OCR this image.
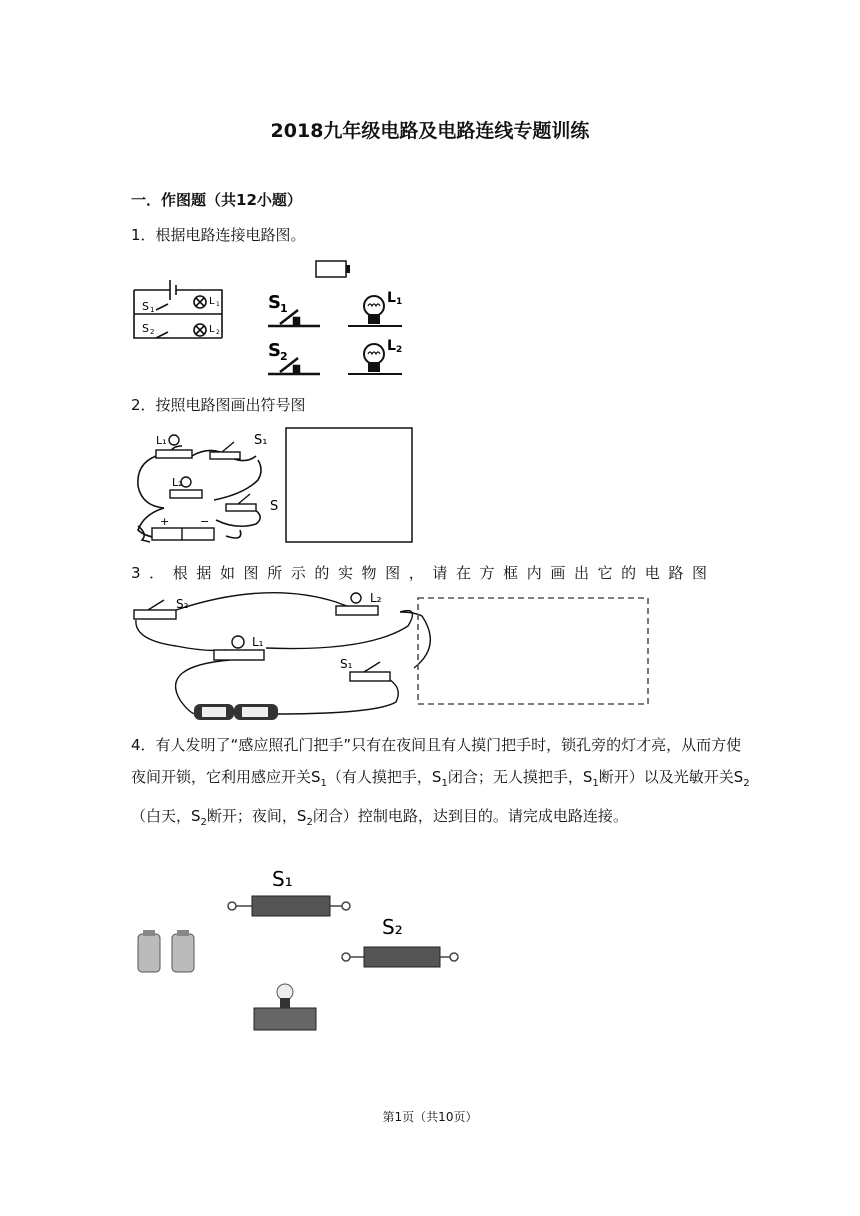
2018九年级电路及电路连线专题训练
一．作图题（共12小题）
1．根据电路连接电路图。
S 1
S 2
L 1
L 2
S 1
S 2
L 1
L 2
2．按照电路图画出符号图
L₁	S₁
L₂
S
+	−
3．根据如图所示的实物图，请在方框内画出它的电路图
S₂	L₂
L₁
S₁
4．有人发明了“感应照孔门把手”只有在夜间且有人摸门把手时，锁孔旁的灯才亮，从而方使夜间开锁，它利用感应开关$S_1$（有人摸把手，$S_1$闭合；无人摸把手，$S_1$断开）以及光敏开关$S_2$（白天，$S_2$断开；夜间，$S_2$闭合）控制电路，达到目的。请完成电路连接。
S₁
S₂
第1页（共10页）
